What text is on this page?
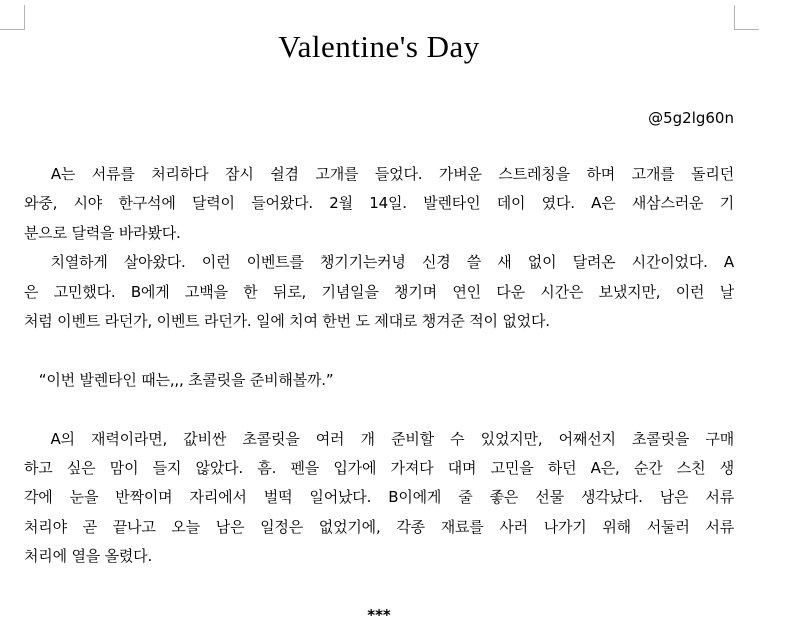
Valentine's Day
@5g2lg60n
　A는 서류를 처리하다 잠시 쉴겸 고개를 들었다. 가벼운 스트레칭을 하며 고개를 돌리던
와중, 시야 한구석에 달력이 들어왔다. 2월 14일. 발렌타인 데이 였다. A은 새삼스러운 기
분으로 달력을 바라봤다.
　치열하게 살아왔다. 이런 이벤트를 챙기기는커녕 신경 쓸 새 없이 달려온 시간이었다. A
은 고민했다. B에게 고백을 한 뒤로, 기념일을 챙기며 연인 다운 시간은 보냈지만, 이런 날
처럼 이벤트 라던가, 이벤트 라던가. 일에 치여 한번 도 제대로 챙겨준 적이 없었다.
　“이번 발렌타인 때는,,, 초콜릿을 준비해볼까.”
　A의 재력이라면, 값비싼 초콜릿을 여러 개 준비할 수 있었지만, 어째선지 초콜릿을 구매
하고 싶은 맘이 들지 않았다. 흠. 펜을 입가에 가져다 대며 고민을 하던 A은, 순간 스친 생
각에 눈을 반짝이며 자리에서 벌떡 일어났다. B이에게 줄 좋은 선물 생각났다. 남은 서류
처리야 곧 끝나고 오늘 남은 일정은 없었기에, 각종 재료를 사러 나가기 위해 서둘러 서류
처리에 열을 올렸다.
***
